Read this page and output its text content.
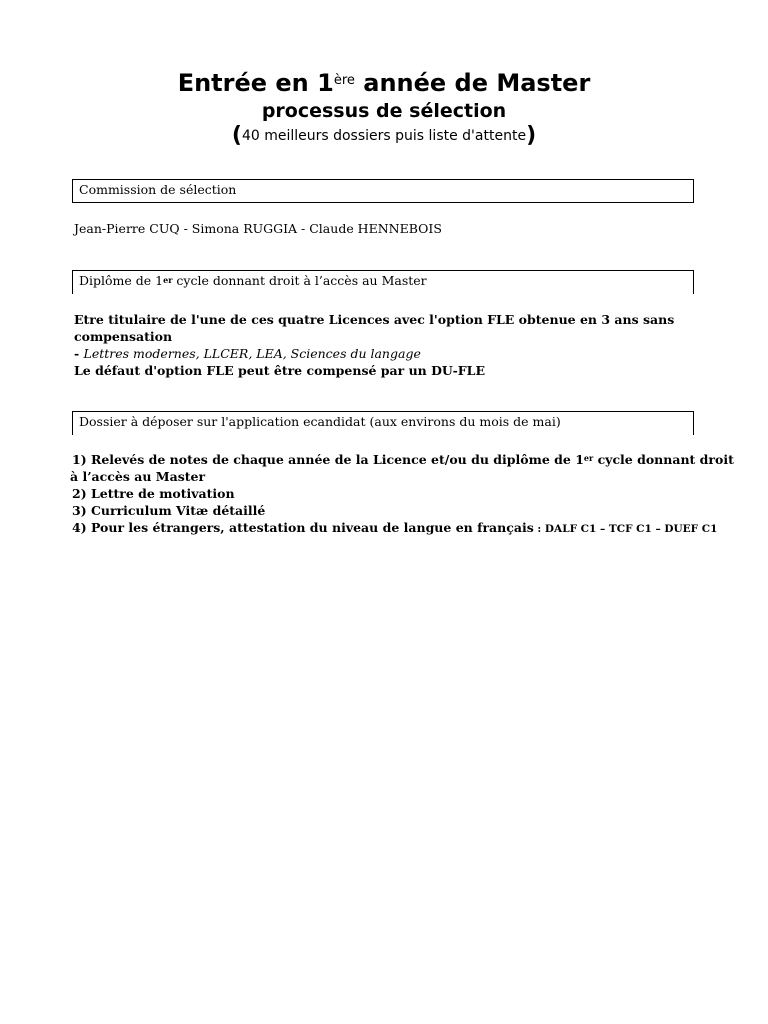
Entrée en 1ère année de Master
processus de sélection
(40 meilleurs dossiers puis liste d'attente)
Commission de sélection
Jean-Pierre CUQ - Simona RUGGIA - Claude HENNEBOIS
Diplôme de 1er cycle donnant droit à l’accès au Master
Etre titulaire de l'une de ces quatre Licences avec l'option FLE obtenue en 3 ans sans
compensation
- Lettres modernes, LLCER, LEA, Sciences du langage
Le défaut d'option FLE peut être compensé par un DU-FLE
Dossier à déposer sur l'application ecandidat (aux environs du mois de mai)
1) Relevés de notes de chaque année de la Licence et/ou du diplôme de 1er cycle donnant droit
à l’accès au Master
2) Lettre de motivation
3) Curriculum Vitæ détaillé
4) Pour les étrangers, attestation du niveau de langue en français : DALF C1 – TCF C1 – DUEF C1
